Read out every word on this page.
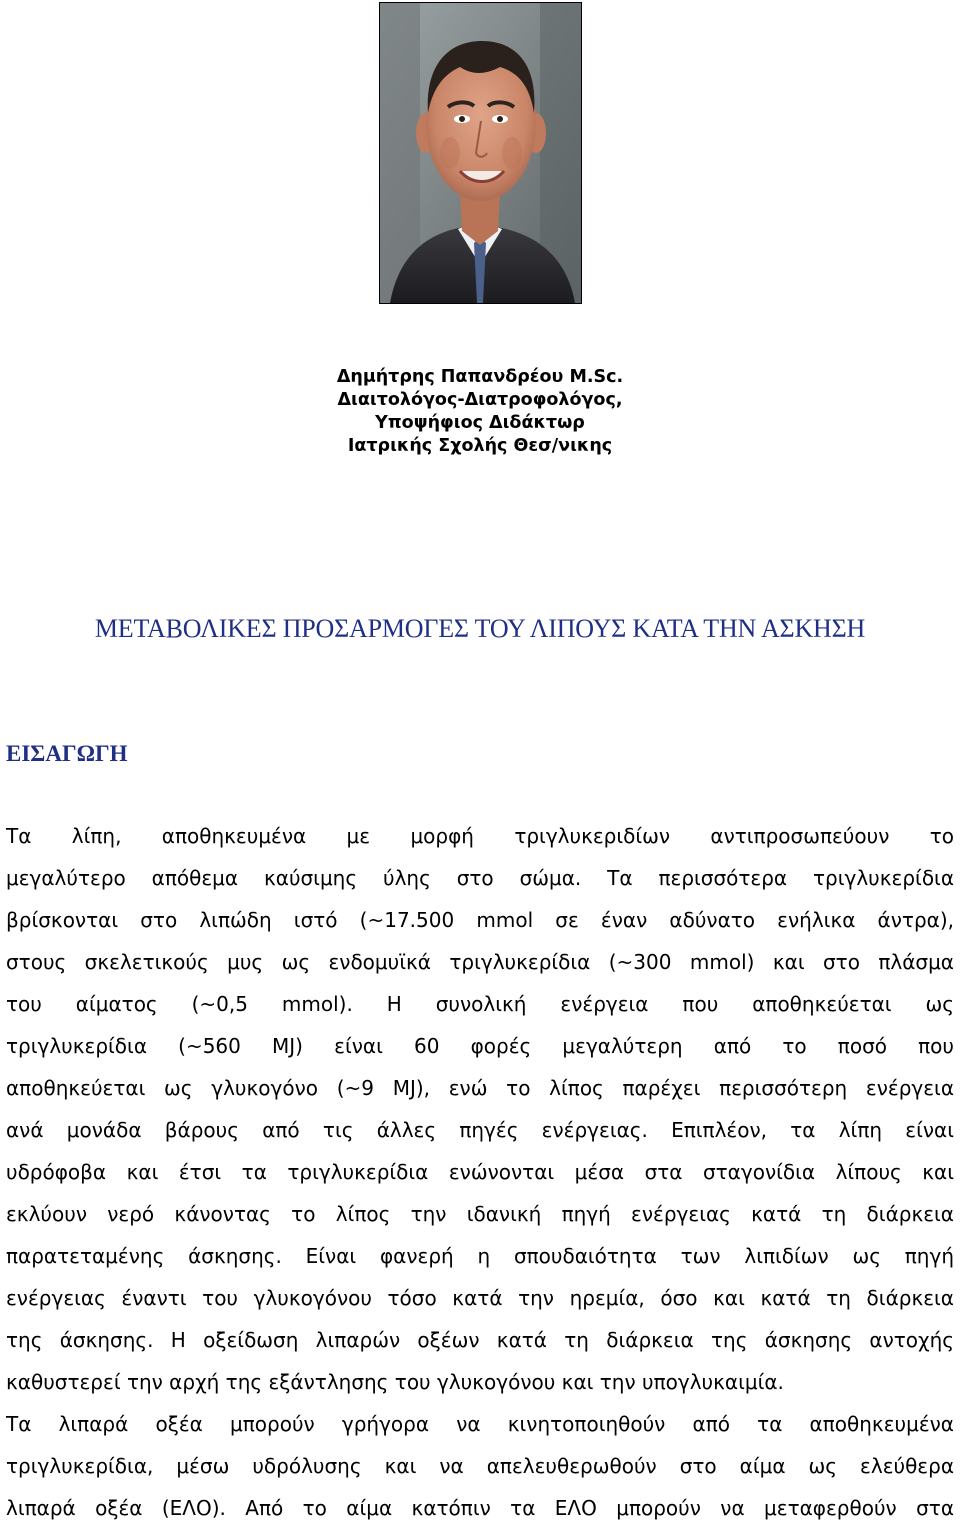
Δημήτρης Παπανδρέου M.Sc.
Διαιτολόγος-Διατροφολόγος,
Υποψήφιος Διδάκτωρ
Ιατρικής Σχολής Θεσ/νικης
ΜΕΤΑΒΟΛΙΚΕΣ ΠΡΟΣΑΡΜΟΓΕΣ ΤΟΥ ΛΙΠΟΥΣ ΚΑΤΑ ΤΗΝ ΑΣΚΗΣΗ
ΕΙΣΑΓΩΓΗ
Τα λίπη, αποθηκευμένα με μορφή τριγλυκεριδίων αντιπροσωπεύουν το
μεγαλύτερο απόθεμα καύσιμης ύλης στο σώμα. Τα περισσότερα τριγλυκερίδια
βρίσκονται στο λιπώδη ιστό (~17.500 mmol σε έναν αδύνατο ενήλικα άντρα),
στους σκελετικούς μυς ως ενδομυϊκά τριγλυκερίδια (~300 mmol) και στο πλάσμα
του αίματος (~0,5 mmol). Η συνολική ενέργεια που αποθηκεύεται ως
τριγλυκερίδια (~560 MJ) είναι 60 φορές μεγαλύτερη από το ποσό που
αποθηκεύεται ως γλυκογόνο (~9 MJ), ενώ το λίπος παρέχει περισσότερη ενέργεια
ανά μονάδα βάρους από τις άλλες πηγές ενέργειας. Επιπλέον, τα λίπη είναι
υδρόφοβα και έτσι τα τριγλυκερίδια ενώνονται μέσα στα σταγονίδια λίπους και
εκλύουν νερό κάνοντας το λίπος την ιδανική πηγή ενέργειας κατά τη διάρκεια
παρατεταμένης άσκησης. Είναι φανερή η σπουδαιότητα των λιπιδίων ως πηγή
ενέργειας έναντι του γλυκογόνου τόσο κατά την ηρεμία, όσο και κατά τη διάρκεια
της άσκησης. Η οξείδωση λιπαρών οξέων κατά τη διάρκεια της άσκησης αντοχής
καθυστερεί την αρχή της εξάντλησης του γλυκογόνου και την υπογλυκαιμία.
Τα λιπαρά οξέα μπορούν γρήγορα να κινητοποιηθούν από τα αποθηκευμένα
τριγλυκερίδια, μέσω υδρόλυσης και να απελευθερωθούν στο αίμα ως ελεύθερα
λιπαρά οξέα (ΕΛΟ). Από το αίμα κατόπιν τα ΕΛΟ μπορούν να μεταφερθούν στα
